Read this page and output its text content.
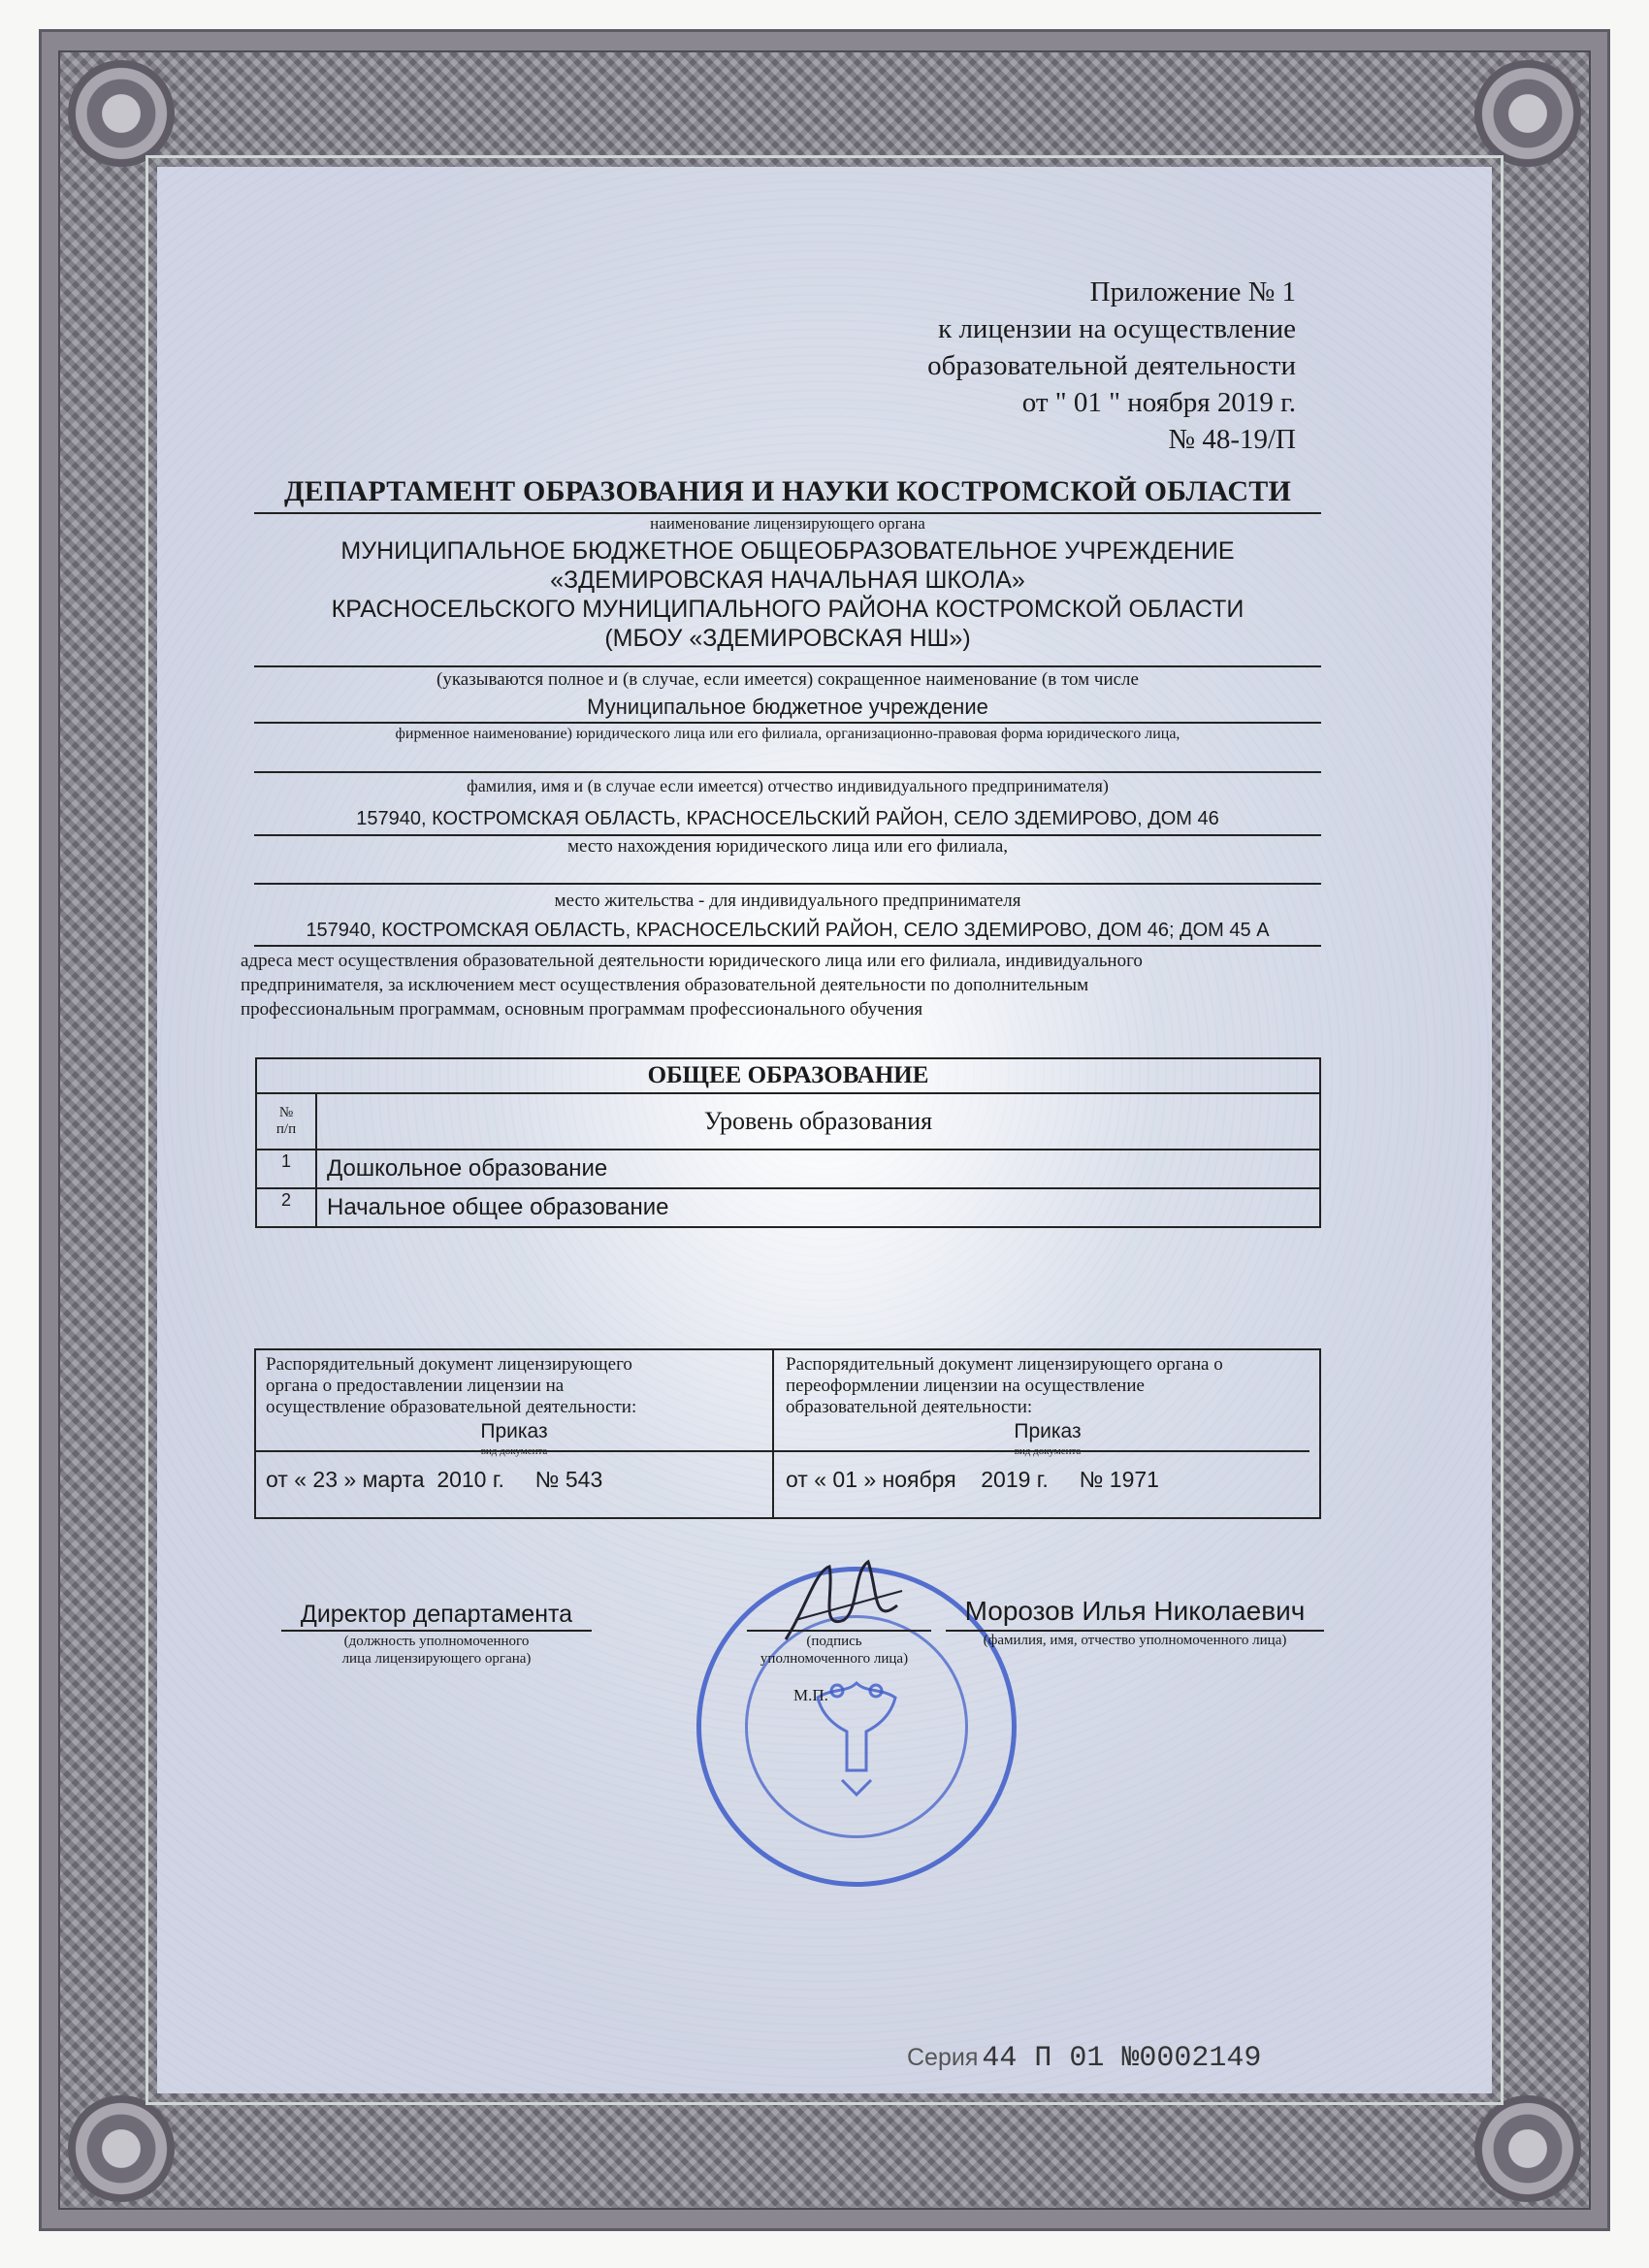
Приложение № 1
к лицензии на осуществление
образовательной деятельности
от " 01 " ноября 2019 г.
№ 48-19/П
ДЕПАРТАМЕНТ ОБРАЗОВАНИЯ И НАУКИ КОСТРОМСКОЙ ОБЛАСТИ
наименование лицензирующего органа
МУНИЦИПАЛЬНОЕ БЮДЖЕТНОЕ ОБЩЕОБРАЗОВАТЕЛЬНОЕ УЧРЕЖДЕНИЕ
«ЗДЕМИРОВСКАЯ НАЧАЛЬНАЯ ШКОЛА»
КРАСНОСЕЛЬСКОГО МУНИЦИПАЛЬНОГО РАЙОНА КОСТРОМСКОЙ ОБЛАСТИ
(МБОУ «ЗДЕМИРОВСКАЯ НШ»)
(указываются полное и (в случае, если имеется) сокращенное наименование (в том числе
Муниципальное бюджетное учреждение
фирменное наименование) юридического лица или его филиала, организационно-правовая форма юридического лица,
фамилия, имя и (в случае если имеется) отчество индивидуального предпринимателя)
157940, КОСТРОМСКАЯ ОБЛАСТЬ, КРАСНОСЕЛЬСКИЙ РАЙОН, СЕЛО ЗДЕМИРОВО, ДОМ 46
место нахождения юридического лица или его филиала,
место жительства - для индивидуального предпринимателя
157940, КОСТРОМСКАЯ ОБЛАСТЬ, КРАСНОСЕЛЬСКИЙ РАЙОН, СЕЛО ЗДЕМИРОВО, ДОМ 46; ДОМ 45 А
адреса мест осуществления образовательной деятельности юридического лица или его филиала, индивидуального
предпринимателя, за исключением мест осуществления образовательной деятельности по дополнительным
профессиональным программам, основным программам профессионального обучения
ОБЩЕЕ ОБРАЗОВАНИЕ	

№
п/п	Уровень образования
1	Дошкольное образование
2	Начальное общее образование
Распорядительный документ лицензирующего
органа о предоставлении лицензии на
осуществление образовательной деятельности:
Приказ
от « 23 » марта 2010 г. № 543
Распорядительный документ лицензирующего органа о
переоформлении лицензии на осуществление
образовательной деятельности:
Приказ
от « 01 » ноября 2019 г. № 1971
Директор департамента
(должность уполномоченного
лица лицензирующего органа)
(подпись
уполномоченного лица)
М.П.
Морозов Илья Николаевич
(фамилия, имя, отчество уполномоченного лица)
Серия 44 П 01 №0002149
